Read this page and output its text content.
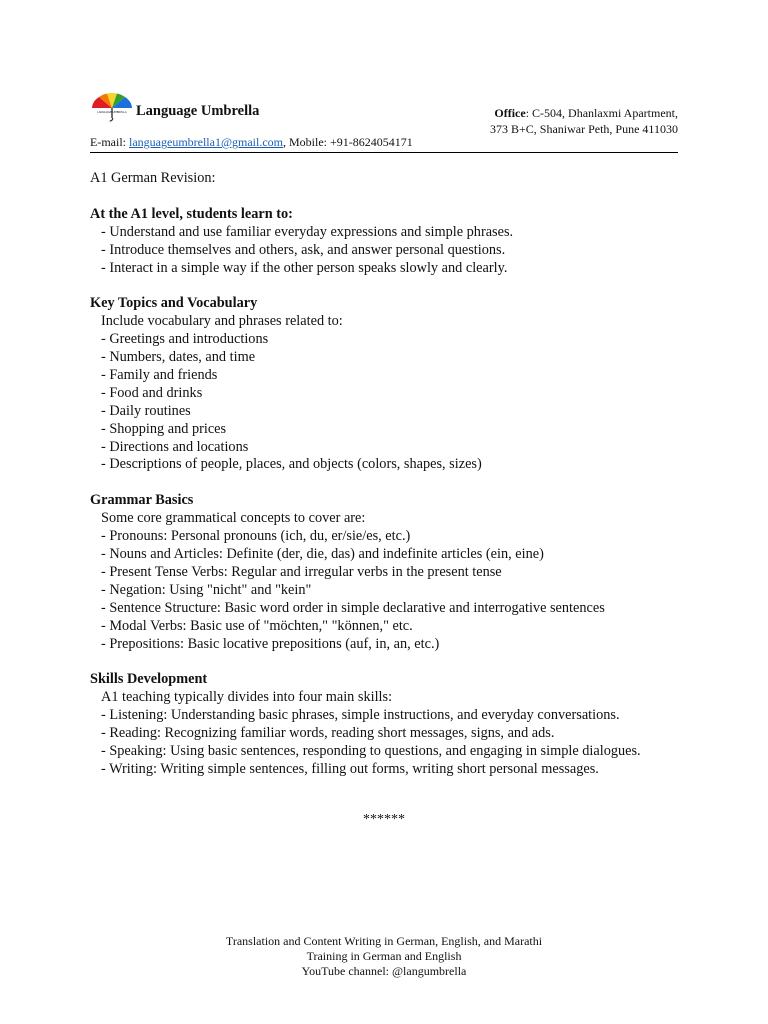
LANGUAGE UMBRELLA Language Umbrella	Office: C-504, Dhanlaxmi Apartment,
373 B+C, Shaniwar Peth, Pune 411030
E-mail: languageumbrella1@gmail.com, Mobile: +91-8624054171

A1 German Revision:

At the A1 level, students learn to:

- Understand and use familiar everyday expressions and simple phrases.

- Introduce themselves and others, ask, and answer personal questions.

- Interact in a simple way if the other person speaks slowly and clearly.

Key Topics and Vocabulary

Include vocabulary and phrases related to:

- Greetings and introductions

- Numbers, dates, and time

- Family and friends

- Food and drinks

- Daily routines

- Shopping and prices

- Directions and locations

- Descriptions of people, places, and objects (colors, shapes, sizes)

Grammar Basics

Some core grammatical concepts to cover are:

- Pronouns: Personal pronouns (ich, du, er/sie/es, etc.)

- Nouns and Articles: Definite (der, die, das) and indefinite articles (ein, eine)

- Present Tense Verbs: Regular and irregular verbs in the present tense

- Negation: Using "nicht" and "kein"

- Sentence Structure: Basic word order in simple declarative and interrogative sentences

- Modal Verbs: Basic use of "möchten," "können," etc.

- Prepositions: Basic locative prepositions (auf, in, an, etc.)

Skills Development

A1 teaching typically divides into four main skills:

- Listening: Understanding basic phrases, simple instructions, and everyday conversations.

- Reading: Recognizing familiar words, reading short messages, signs, and ads.

- Speaking: Using basic sentences, responding to questions, and engaging in simple dialogues.

- Writing: Writing simple sentences, filling out forms, writing short personal messages.

******
Translation and Content Writing in German, English, and Marathi
Training in German and English
YouTube channel: @langumbrella
